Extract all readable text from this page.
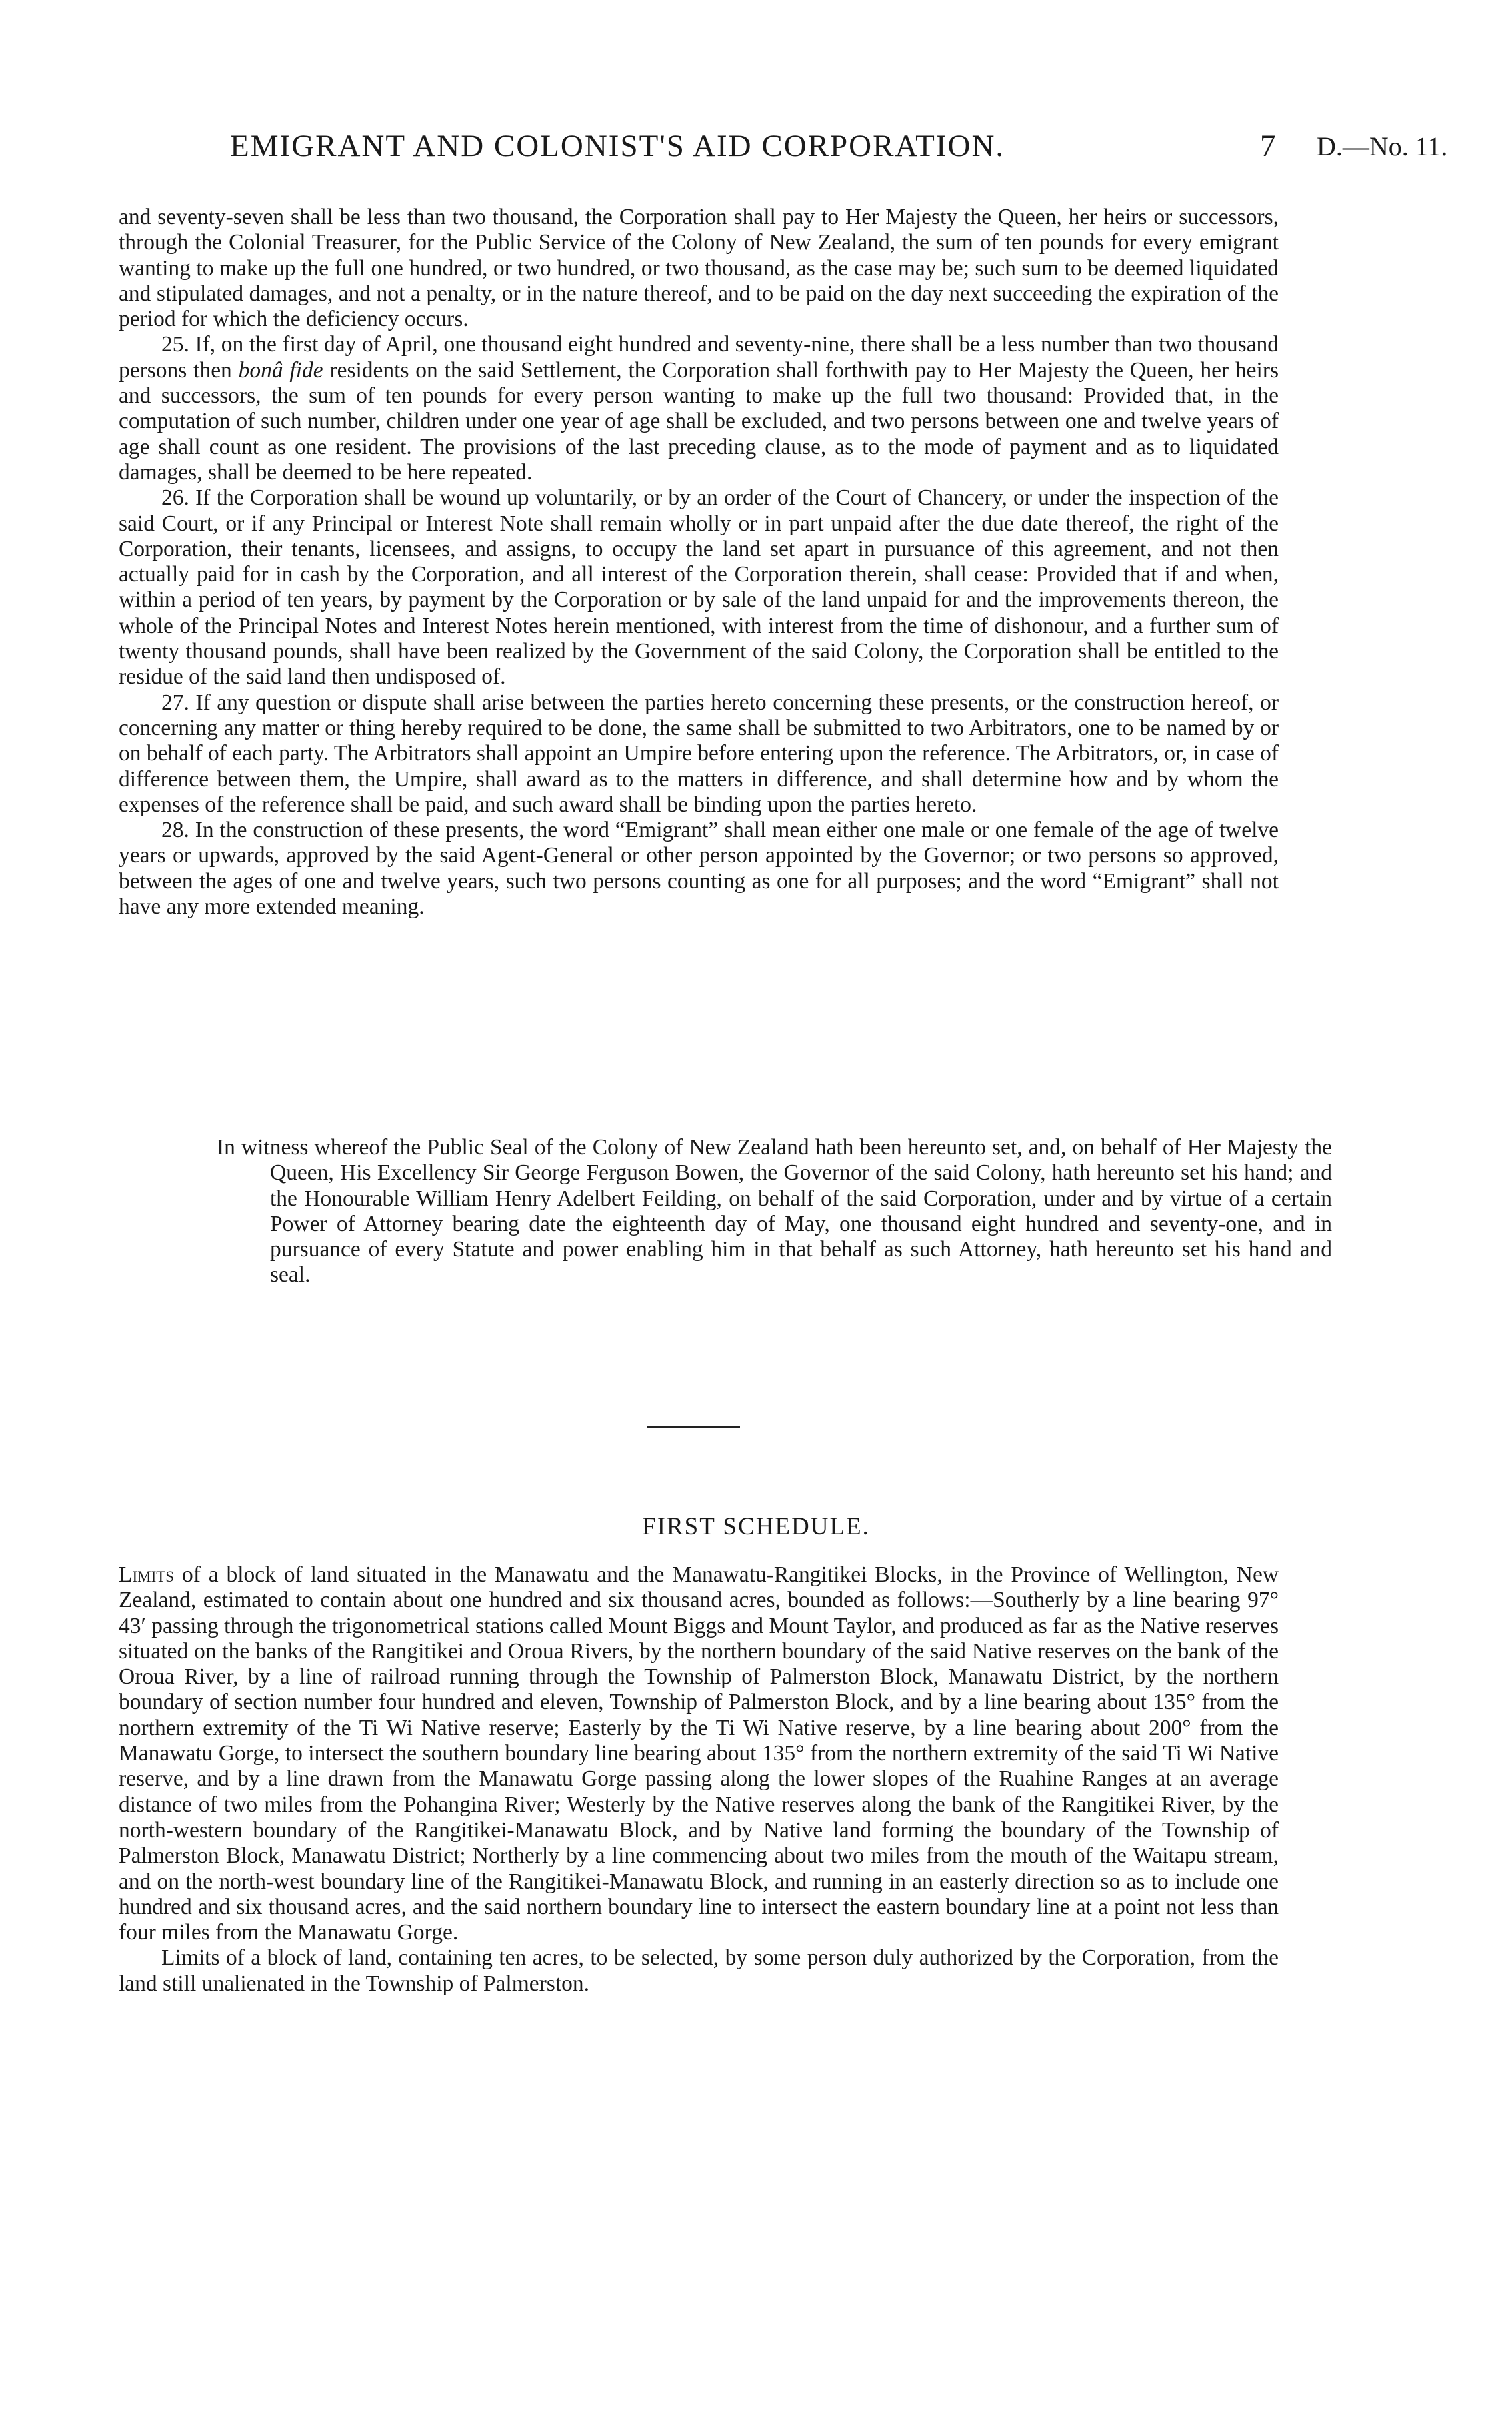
EMIGRANT AND COLONIST'S AID CORPORATION.	7 D.—No. 11.

and seventy-seven shall be less than two thousand, the Corporation shall pay to Her Majesty the Queen, her heirs or successors, through the Colonial Treasurer, for the Public Service of the Colony of New Zealand, the sum of ten pounds for every emigrant wanting to make up the full one hundred, or two hundred, or two thousand, as the case may be; such sum to be deemed liquidated and stipulated damages, and not a penalty, or in the nature thereof, and to be paid on the day next succeeding the expiration of the period for which the deficiency occurs.

25. If, on the first day of April, one thousand eight hundred and seventy-nine, there shall be a less number than two thousand persons then bonâ fide residents on the said Settlement, the Corporation shall forthwith pay to Her Majesty the Queen, her heirs and successors, the sum of ten pounds for every person wanting to make up the full two thousand: Provided that, in the computation of such number, children under one year of age shall be excluded, and two persons between one and twelve years of age shall count as one resident. The provisions of the last preceding clause, as to the mode of payment and as to liquidated damages, shall be deemed to be here repeated.

26. If the Corporation shall be wound up voluntarily, or by an order of the Court of Chancery, or under the inspection of the said Court, or if any Principal or Interest Note shall remain wholly or in part unpaid after the due date thereof, the right of the Corporation, their tenants, licensees, and assigns, to occupy the land set apart in pursuance of this agreement, and not then actually paid for in cash by the Corporation, and all interest of the Corporation therein, shall cease: Provided that if and when, within a period of ten years, by payment by the Corporation or by sale of the land unpaid for and the improvements thereon, the whole of the Principal Notes and Interest Notes herein mentioned, with interest from the time of dishonour, and a further sum of twenty thousand pounds, shall have been realized by the Government of the said Colony, the Corporation shall be entitled to the residue of the said land then undisposed of.

27. If any question or dispute shall arise between the parties hereto concerning these presents, or the construction hereof, or concerning any matter or thing hereby required to be done, the same shall be submitted to two Arbitrators, one to be named by or on behalf of each party. The Arbitrators shall appoint an Umpire before entering upon the reference. The Arbitrators, or, in case of difference between them, the Umpire, shall award as to the matters in difference, and shall determine how and by whom the expenses of the reference shall be paid, and such award shall be binding upon the parties hereto.

28. In the construction of these presents, the word “Emigrant” shall mean either one male or one female of the age of twelve years or upwards, approved by the said Agent-General or other person appointed by the Governor; or two persons so approved, between the ages of one and twelve years, such two persons counting as one for all purposes; and the word “Emigrant” shall not have any more extended meaning.

In witness whereof the Public Seal of the Colony of New Zealand hath been hereunto set, and, on behalf of Her Majesty the Queen, His Excellency Sir George Ferguson Bowen, the Governor of the said Colony, hath hereunto set his hand; and the Honourable William Henry Adelbert Feilding, on behalf of the said Corporation, under and by virtue of a certain Power of Attorney bearing date the eighteenth day of May, one thousand eight hundred and seventy-one, and in pursuance of every Statute and power enabling him in that behalf as such Attorney, hath hereunto set his hand and seal.

FIRST SCHEDULE.

Limits of a block of land situated in the Manawatu and the Manawatu-Rangitikei Blocks, in the Province of Wellington, New Zealand, estimated to contain about one hundred and six thousand acres, bounded as follows:—Southerly by a line bearing 97° 43′ passing through the trigonometrical stations called Mount Biggs and Mount Taylor, and produced as far as the Native reserves situated on the banks of the Rangitikei and Oroua Rivers, by the northern boundary of the said Native reserves on the bank of the Oroua River, by a line of railroad running through the Township of Palmerston Block, Manawatu District, by the northern boundary of section number four hundred and eleven, Township of Palmerston Block, and by a line bearing about 135° from the northern extremity of the Ti Wi Native reserve; Easterly by the Ti Wi Native reserve, by a line bearing about 200° from the Manawatu Gorge, to intersect the southern boundary line bearing about 135° from the northern extremity of the said Ti Wi Native reserve, and by a line drawn from the Manawatu Gorge passing along the lower slopes of the Ruahine Ranges at an average distance of two miles from the Pohangina River; Westerly by the Native reserves along the bank of the Rangitikei River, by the north-western boundary of the Rangitikei-Manawatu Block, and by Native land forming the boundary of the Township of Palmerston Block, Manawatu District; Northerly by a line commencing about two miles from the mouth of the Waitapu stream, and on the north-west boundary line of the Rangitikei-Manawatu Block, and running in an easterly direction so as to include one hundred and six thousand acres, and the said northern boundary line to intersect the eastern boundary line at a point not less than four miles from the Manawatu Gorge.

Limits of a block of land, containing ten acres, to be selected, by some person duly authorized by the Corporation, from the land still unalienated in the Township of Palmerston.
